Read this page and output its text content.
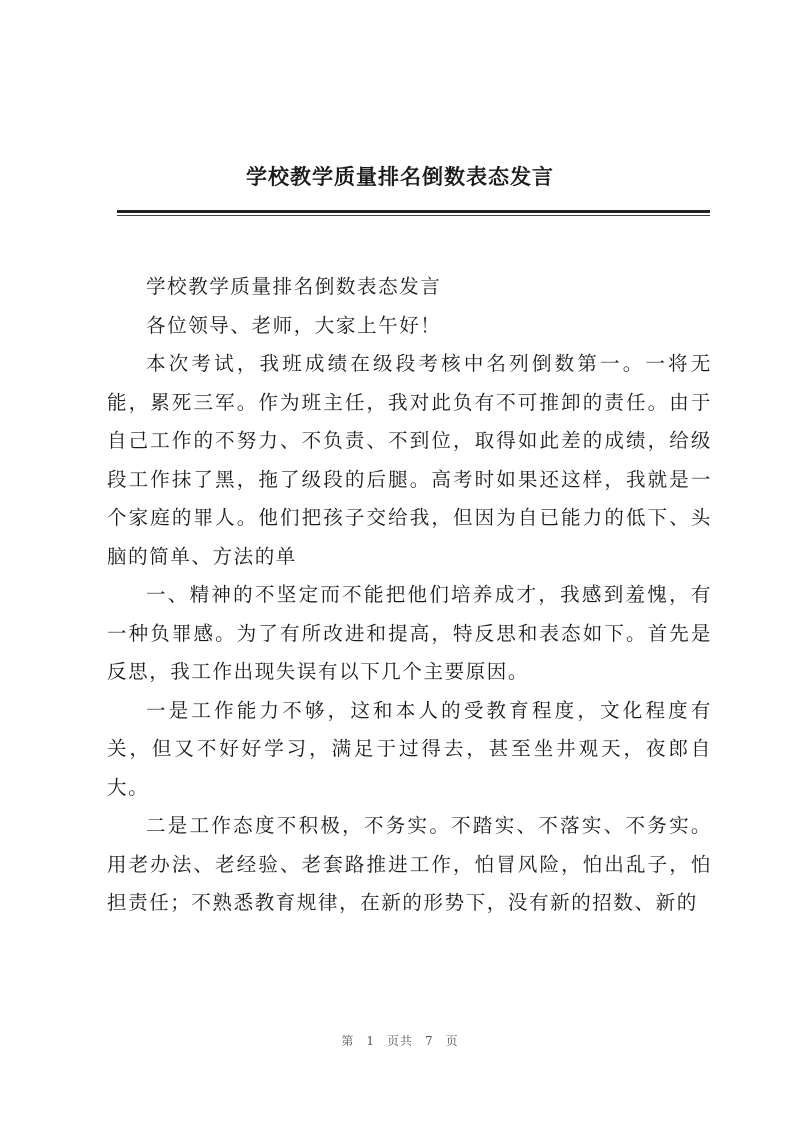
学校教学质量排名倒数表态发言

学校教学质量排名倒数表态发言

各位领导、老师，大家上午好！

本次考试，我班成绩在级段考核中名列倒数第一。一将无能，累死三军。作为班主任，我对此负有不可推卸的责任。由于自己工作的不努力、不负责、不到位，取得如此差的成绩，给级段工作抹了黑，拖了级段的后腿。高考时如果还这样，我就是一个家庭的罪人。他们把孩子交给我，但因为自已能力的低下、头脑的简单、方法的单

一、精神的不坚定而不能把他们培养成才，我感到羞愧，有一种负罪感。为了有所改进和提高，特反思和表态如下。首先是反思，我工作出现失误有以下几个主要原因。

一是工作能力不够，这和本人的受教育程度，文化程度有关，但又不好好学习，满足于过得去，甚至坐井观天，夜郎自大。

二是工作态度不积极，不务实。不踏实、不落实、不务实。用老办法、老经验、老套路推进工作，怕冒风险，怕出乱子，怕担责任；不熟悉教育规律，在新的形势下，没有新的招数、新的

第 1 页共 7 页
